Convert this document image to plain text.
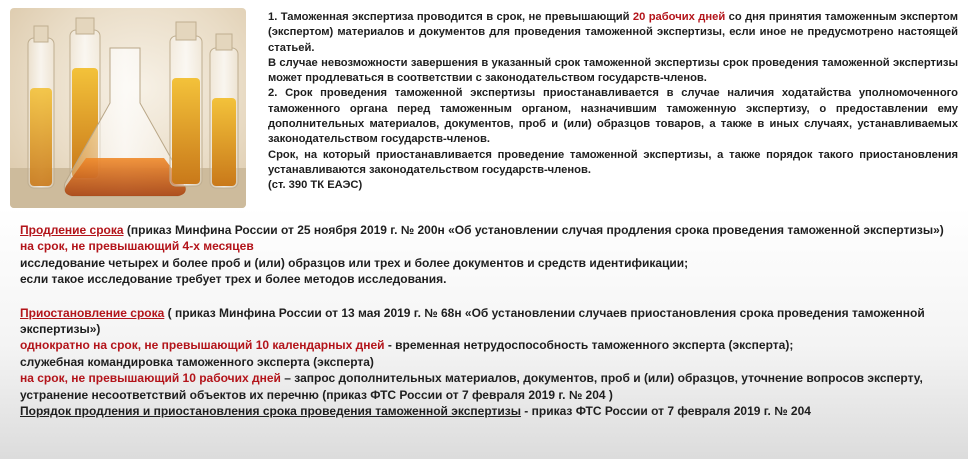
1. Таможенная экспертиза проводится в срок, не превышающий 20 рабочих дней со дня принятия таможенным экспертом (экспертом) материалов и документов для проведения таможенной экспертизы, если иное не предусмотрено настоящей статьей.

В случае невозможности завершения в указанный срок таможенной экспертизы срок проведения таможенной экспертизы может продлеваться в соответствии с законодательством государств-членов.

2. Срок проведения таможенной экспертизы приостанавливается в случае наличия ходатайства уполномоченного таможенного органа перед таможенным органом, назначившим таможенную экспертизу, о предоставлении ему дополнительных материалов, документов, проб и (или) образцов товаров, а также в иных случаях, устанавливаемых законодательством государств-членов.

Срок, на который приостанавливается проведение таможенной экспертизы, а также порядок такого приостановления устанавливаются законодательством государств-членов.

(ст. 390 ТК ЕАЭС)

Продление срока (приказ Минфина России от 25 ноября 2019 г. № 200н «Об установлении случая продления срока проведения таможенной экспертизы») на срок, не превышающий 4-х месяцев

исследование четырех и более проб и (или) образцов или трех и более документов и средств идентификации;

если такое исследование требует трех и более методов исследования.

Приостановление срока ( приказ Минфина России от 13 мая 2019 г. № 68н «Об установлении случаев приостановления срока проведения таможенной экспертизы»)

однократно на срок, не превышающий 10 календарных дней - временная нетрудоспособность таможенного эксперта (эксперта);

служебная командировка таможенного эксперта (эксперта)

на срок, не превышающий 10 рабочих дней – запрос дополнительных материалов, документов, проб и (или) образцов, уточнение вопросов эксперту, устранение несоответствий объектов их перечню (приказ ФТС России от 7 февраля 2019 г. № 204 )

Порядок продления и приостановления срока проведения таможенной экспертизы - приказ ФТС России от 7 февраля 2019 г. № 204
